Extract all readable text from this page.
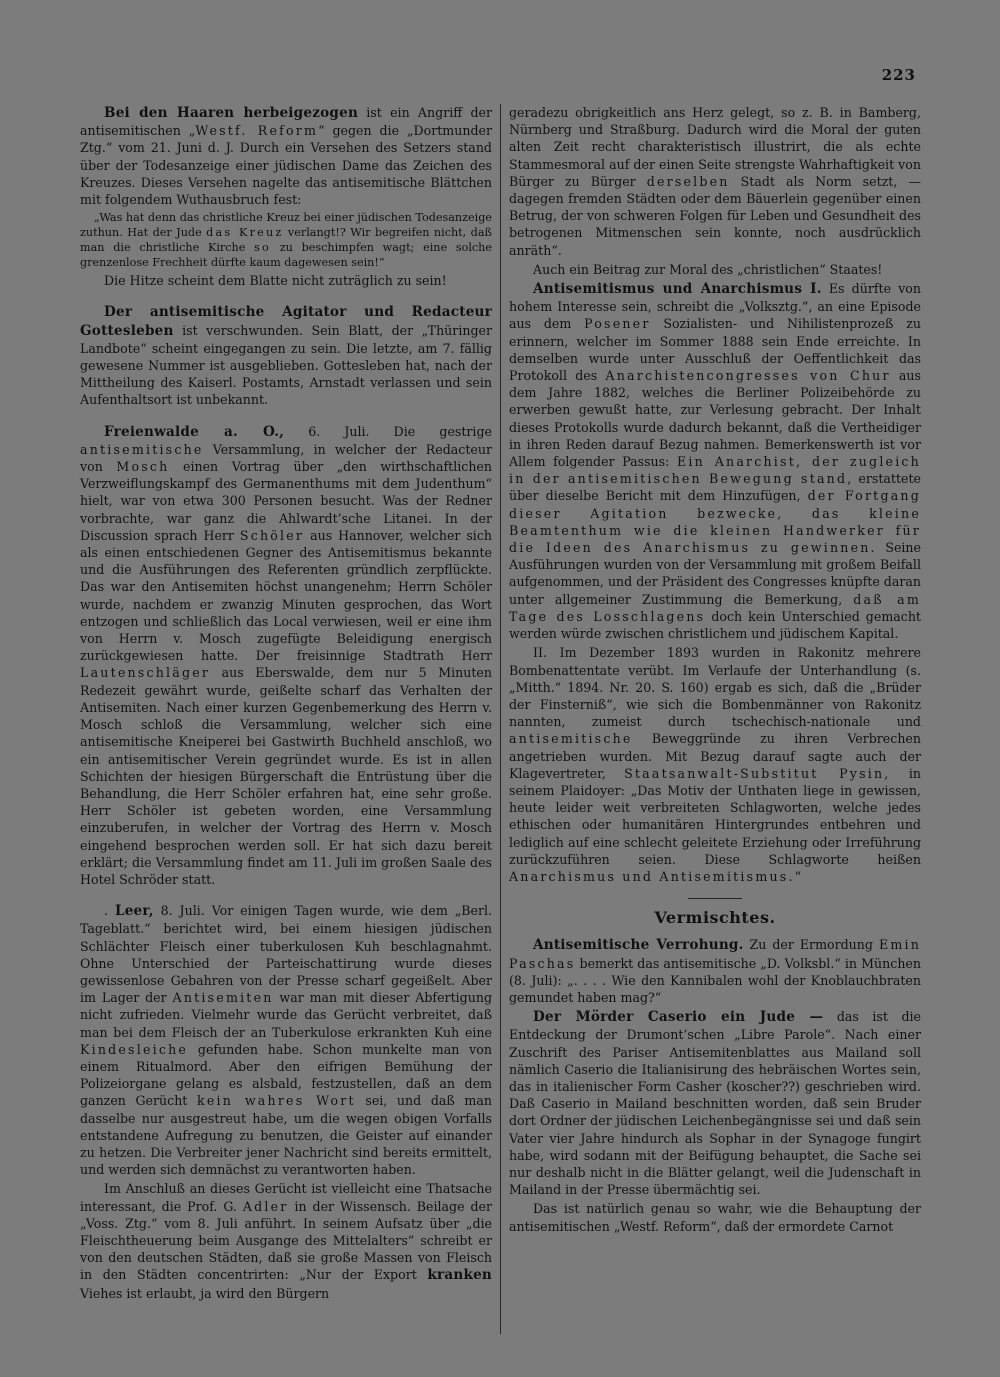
223

Bei den Haaren herbeigezogen ist ein Angriff der antisemitischen „Westf. Reform“ gegen die „Dortmunder Ztg.“ vom 21. Juni d. J. Durch ein Versehen des Setzers stand über der Todesanzeige einer jüdischen Dame das Zeichen des Kreuzes. Dieses Versehen nagelte das antisemitische Blättchen mit folgendem Wuthausbruch fest:

„Was hat denn das christliche Kreuz bei einer jüdischen Todesanzeige zuthun. Hat der Jude das Kreuz verlangt!? Wir begreifen nicht, daß man die christliche Kirche so zu beschimpfen wagt; eine solche grenzenlose Frechheit dürfte kaum dagewesen sein!“

Die Hitze scheint dem Blatte nicht zuträglich zu sein!

Der antisemitische Agitator und Redacteur Gottesleben ist verschwunden. Sein Blatt, der „Thüringer Landbote“ scheint eingegangen zu sein. Die letzte, am 7. fällig gewesene Nummer ist ausgeblieben. Gottesleben hat, nach der Mittheilung des Kaiserl. Postamts, Arnstadt verlassen und sein Aufenthaltsort ist unbekannt.

Freienwalde a. O., 6. Juli. Die gestrige antisemitische Versammlung, in welcher der Redacteur von Mosch einen Vortrag über „den wirthschaftlichen Verzweiflungskampf des Germanenthums mit dem Judenthum“ hielt, war von etwa 300 Personen besucht. Was der Redner vorbrachte, war ganz die Ahlwardt’sche Litanei. In der Discussion sprach Herr Schöler aus Hannover, welcher sich als einen entschiedenen Gegner des Antisemitismus bekannte und die Ausführungen des Referenten gründlich zerpflückte. Das war den Antisemiten höchst unangenehm; Herrn Schöler wurde, nachdem er zwanzig Minuten gesprochen, das Wort entzogen und schließlich das Local verwiesen, weil er eine ihm von Herrn v. Mosch zugefügte Beleidigung energisch zurückgewiesen hatte. Der freisinnige Stadtrath Herr Lautenschläger aus Eberswalde, dem nur 5 Minuten Redezeit gewährt wurde, geißelte scharf das Verhalten der Antisemiten. Nach einer kurzen Gegenbemerkung des Herrn v. Mosch schloß die Versammlung, welcher sich eine antisemitische Kneiperei bei Gastwirth Buchheld anschloß, wo ein antisemitischer Verein gegründet wurde. Es ist in allen Schichten der hiesigen Bürgerschaft die Entrüstung über die Behandlung, die Herr Schöler erfahren hat, eine sehr große. Herr Schöler ist gebeten worden, eine Versammlung einzuberufen, in welcher der Vortrag des Herrn v. Mosch eingehend besprochen werden soll. Er hat sich dazu bereit erklärt; die Versammlung findet am 11. Juli im großen Saale des Hotel Schröder statt.

. Leer, 8. Juli. Vor einigen Tagen wurde, wie dem „Berl. Tageblatt.“ berichtet wird, bei einem hiesigen jüdischen Schlächter Fleisch einer tuberkulosen Kuh beschlagnahmt. Ohne Unterschied der Parteischattirung wurde dieses gewissenlose Gebahren von der Presse scharf gegeißelt. Aber im Lager der Antisemiten war man mit dieser Abfertigung nicht zufrieden. Vielmehr wurde das Gerücht verbreitet, daß man bei dem Fleisch der an Tuberkulose erkrankten Kuh eine Kindesleiche gefunden habe. Schon munkelte man von einem Ritualmord. Aber den eifrigen Bemühung der Polizeiorgane gelang es alsbald, festzustellen, daß an dem ganzen Gerücht kein wahres Wort sei, und daß man dasselbe nur ausgestreut habe, um die wegen obigen Vorfalls entstandene Aufregung zu benutzen, die Geister auf einander zu hetzen. Die Verbreiter jener Nachricht sind bereits ermittelt, und werden sich demnächst zu verantworten haben.

Im Anschluß an dieses Gerücht ist vielleicht eine Thatsache interessant, die Prof. G. Adler in der Wissensch. Beilage der „Voss. Ztg.“ vom 8. Juli anführt. In seinem Aufsatz über „die Fleischtheuerung beim Ausgange des Mittelalters“ schreibt er von den deutschen Städten, daß sie große Massen von Fleisch in den Städten concentrirten: „Nur der Export kranken Viehes ist erlaubt, ja wird den Bürgern

geradezu obrigkeitlich ans Herz gelegt, so z. B. in Bamberg, Nürnberg und Straßburg. Dadurch wird die Moral der guten alten Zeit recht charakteristisch illustrirt, die als echte Stammesmoral auf der einen Seite strengste Wahrhaftigkeit von Bürger zu Bürger derselben Stadt als Norm setzt, — dagegen fremden Städten oder dem Bäuerlein gegenüber einen Betrug, der von schweren Folgen für Leben und Gesundheit des betrogenen Mitmenschen sein konnte, noch ausdrücklich anräth“.

Auch ein Beitrag zur Moral des „christlichen“ Staates!

Antisemitismus und Anarchismus I. Es dürfte von hohem Interesse sein, schreibt die „Volksztg.“, an eine Episode aus dem Posener Sozialisten- und Nihilistenprozeß zu erinnern, welcher im Sommer 1888 sein Ende erreichte. In demselben wurde unter Ausschluß der Oeffentlichkeit das Protokoll des Anarchistencongresses von Chur aus dem Jahre 1882, welches die Berliner Polizeibehörde zu erwerben gewußt hatte, zur Verlesung gebracht. Der Inhalt dieses Protokolls wurde dadurch bekannt, daß die Vertheidiger in ihren Reden darauf Bezug nahmen. Bemerkenswerth ist vor Allem folgender Passus: Ein Anarchist, der zugleich in der antisemitischen Bewegung stand, erstattete über dieselbe Bericht mit dem Hinzufügen, der Fortgang dieser Agitation bezwecke, das kleine Beamtenthum wie die kleinen Handwerker für die Ideen des Anarchismus zu gewinnen. Seine Ausführungen wurden von der Versammlung mit großem Beifall aufgenommen, und der Präsident des Congresses knüpfte daran unter allgemeiner Zustimmung die Bemerkung, daß am Tage des Losschlagens doch kein Unterschied gemacht werden würde zwischen christlichem und jüdischem Kapital.

II. Im Dezember 1893 wurden in Rakonitz mehrere Bombenattentate verübt. Im Verlaufe der Unterhandlung (s. „Mitth.“ 1894. Nr. 20. S. 160) ergab es sich, daß die „Brüder der Finsterniß“, wie sich die Bombenmänner von Rakonitz nannten, zumeist durch tschechisch-nationale und antisemitische Beweggründe zu ihren Verbrechen angetrieben wurden. Mit Bezug darauf sagte auch der Klagevertreter, Staatsanwalt-Substitut Pysin, in seinem Plaidoyer: „Das Motiv der Unthaten liege in gewissen, heute leider weit verbreiteten Schlagworten, welche jedes ethischen oder humanitären Hintergrundes entbehren und lediglich auf eine schlecht geleitete Erziehung oder Irreführung zurückzuführen seien. Diese Schlagworte heißen Anarchismus und Antisemitismus.“

Vermischtes.

Antisemitische Verrohung. Zu der Ermordung Emin Paschas bemerkt das antisemitische „D. Volksbl.“ in München (8. Juli): „. . . . Wie den Kannibalen wohl der Knoblauchbraten gemundet haben mag?“

Der Mörder Caserio ein Jude — das ist die Entdeckung der Drumont’schen „Libre Parole“. Nach einer Zuschrift des Pariser Antisemitenblattes aus Mailand soll nämlich Caserio die Italianisirung des hebräischen Wortes sein, das in italienischer Form Casher (koscher??) geschrieben wird. Daß Caserio in Mailand beschnitten worden, daß sein Bruder dort Ordner der jüdischen Leichenbegängnisse sei und daß sein Vater vier Jahre hindurch als Sophar in der Synagoge fungirt habe, wird sodann mit der Beifügung behauptet, die Sache sei nur deshalb nicht in die Blätter gelangt, weil die Judenschaft in Mailand in der Presse übermächtig sei.

Das ist natürlich genau so wahr, wie die Behauptung der antisemitischen „Westf. Reform“, daß der ermordete Carnot
